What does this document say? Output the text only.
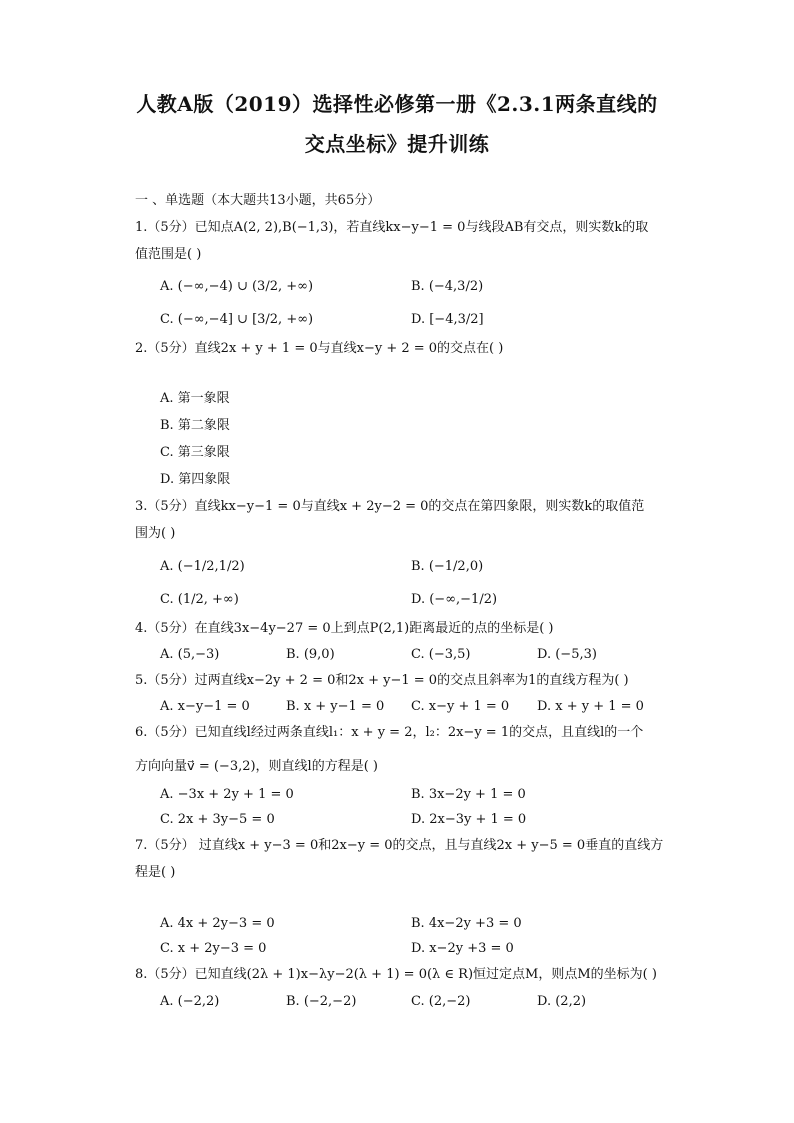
人教A版（2019）选择性必修第一册《2.3.1两条直线的
交点坐标》提升训练
一 、单选题（本大题共13小题，共65分）
1.（5分）已知点A(2, 2),B(−1,3)，若直线kx−y−1 = 0与线段AB有交点，则实数k的取
值范围是( )
A. (−∞,−4) ∪ (3/2, +∞)	B. (−4,3/2)
C. (−∞,−4] ∪ [3/2, +∞)	D. [−4,3/2]
2.（5分）直线2x + y + 1 = 0与直线x−y + 2 = 0的交点在( )
A. 第一象限
B. 第二象限
C. 第三象限
D. 第四象限
3.（5分）直线kx−y−1 = 0与直线x + 2y−2 = 0的交点在第四象限，则实数k的取值范
围为( )
A. (−1/2,1/2)	B. (−1/2,0)
C. (1/2, +∞)	D. (−∞,−1/2)
4.（5分）在直线3x−4y−27 = 0上到点P(2,1)距离最近的点的坐标是( )
A. (5,−3)	B. (9,0)	C. (−3,5)	D. (−5,3)
5.（5分）过两直线x−2y + 2 = 0和2x + y−1 = 0的交点且斜率为1的直线方程为( )
A. x−y−1 = 0	B. x + y−1 = 0 C. x−y + 1 = 0 D. x + y + 1 = 0
6.（5分）已知直线l经过两条直线l₁：x + y = 2，l₂：2x−y = 1的交点，且直线l的一个
方向向量v⃗ = (−3,2)，则直线l的方程是( )
A. −3x + 2y + 1 = 0	B. 3x−2y + 1 = 0
C. 2x + 3y−5 = 0	D. 2x−3y + 1 = 0
7.（5分） 过直线x + y−3 = 0和2x−y = 0的交点，且与直线2x + y−5 = 0垂直的直线方
程是( )
A. 4x + 2y−3 = 0	B. 4x−2y +3 = 0
C. x + 2y−3 = 0	D. x−2y +3 = 0
8.（5分）已知直线(2λ + 1)x−λy−2(λ + 1) = 0(λ ∈ R)恒过定点M，则点M的坐标为( )
A. (−2,2)	B. (−2,−2)	C. (2,−2)	D. (2,2)
